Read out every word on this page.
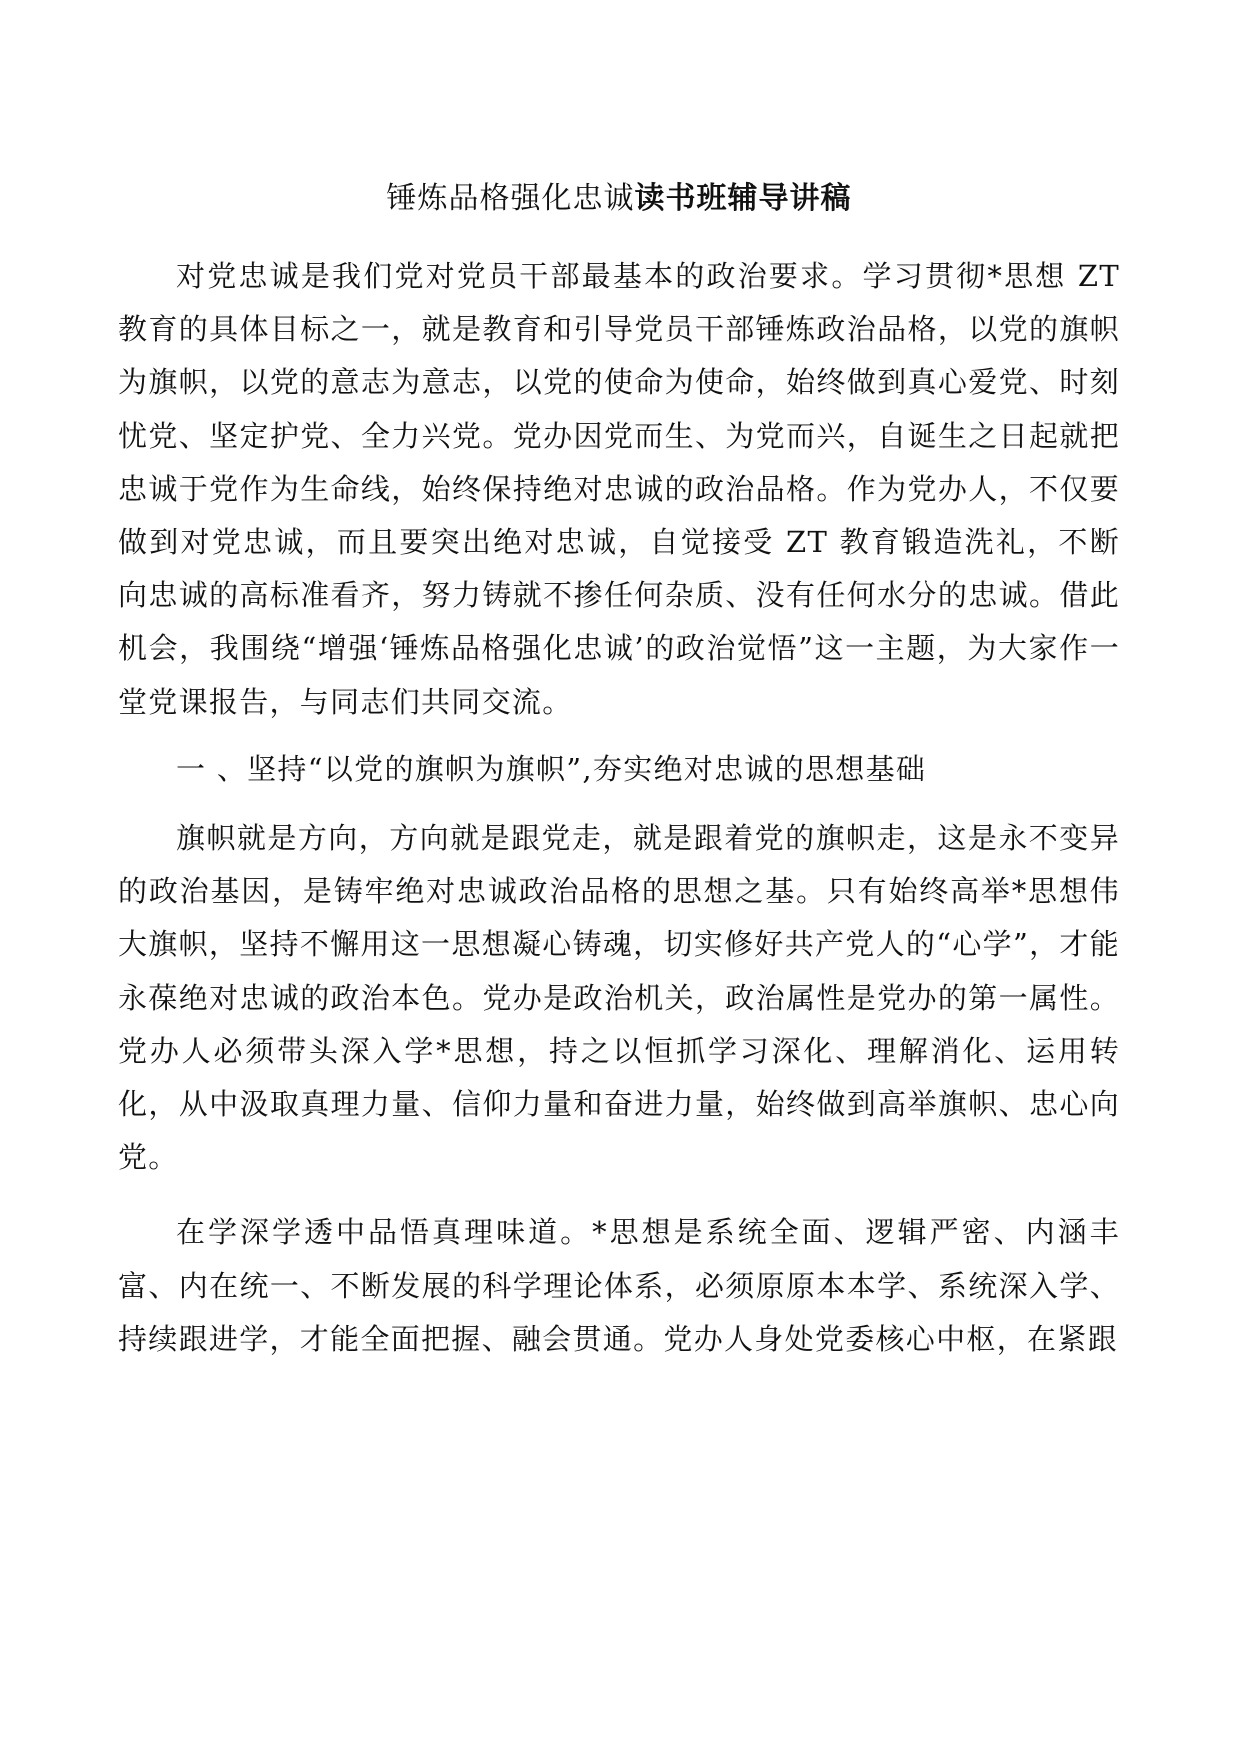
锤炼品格强化忠诚读书班辅导讲稿

对党忠诚是我们党对党员干部最基本的政治要求。学习贯彻*思想 ZT 教育的具体目标之一，就是教育和引导党员干部锤炼政治品格，以党的旗帜为旗帜，以党的意志为意志，以党的使命为使命，始终做到真心爱党、时刻忧党、坚定护党、全力兴党。党办因党而生、为党而兴，自诞生之日起就把忠诚于党作为生命线，始终保持绝对忠诚的政治品格。作为党办人，不仅要做到对党忠诚，而且要突出绝对忠诚，自觉接受 ZT 教育锻造洗礼，不断向忠诚的高标准看齐，努力铸就不掺任何杂质、没有任何水分的忠诚。借此机会，我围绕“增强‘锤炼品格强化忠诚’的政治觉悟”这一主题，为大家作一堂党课报告，与同志们共同交流。

一 、坚持“以党的旗帜为旗帜”,夯实绝对忠诚的思想基础

旗帜就是方向，方向就是跟党走，就是跟着党的旗帜走，这是永不变异的政治基因，是铸牢绝对忠诚政治品格的思想之基。只有始终高举*思想伟大旗帜，坚持不懈用这一思想凝心铸魂，切实修好共产党人的“心学”，才能永葆绝对忠诚的政治本色。党办是政治机关，政治属性是党办的第一属性。党办人必须带头深入学*思想，持之以恒抓学习深化、理解消化、运用转化，从中汲取真理力量、信仰力量和奋进力量，始终做到高举旗帜、忠心向党。

在学深学透中品悟真理味道。*思想是系统全面、逻辑严密、内涵丰富、内在统一、不断发展的科学理论体系，必须原原本本学、系统深入学、持续跟进学，才能全面把握、融会贯通。党办人身处党委核心中枢，在紧跟
